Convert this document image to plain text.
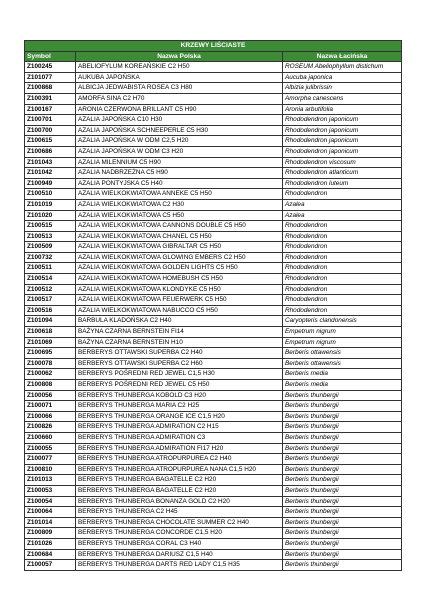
KRZEWY LIŚCIASTE		
Symbol	Nazwa Polska	Nazwa Łacińska
Z100245	ABELIOFYLUM KOREAŃSKIE C2 H50	ROSEUM Abeliophyllum distichum
Z101077	AUKUBA JAPOŃSKA	Aucuba japonica
Z100868	ALBICJA JEDWABISTA ROSEA C3 H80	Albizia julibrissin
Z100391	AMORFA SINA C2 H70	Amorpha canescens
Z100167	ARONIA CZERWONA BRILLANT C5 H90	Aronia arbutifolia
Z100701	AZALIA JAPOŃSKA C10 H30	Rhododendron japonicum
Z100700	AZALIA JAPOŃSKA SCHNEEPERLE C5 H30	Rhododendron japonicum
Z100615	AZALIA JAPOŃSKA W ODM C2,5 H20	Rhododendron japonicum
Z100686	AZALIA JAPOŃSKA W ODM C3 H20	Rhododendron japonicum
Z101043	AZALIA MILENNIUM C5 H90	Rhododendron viscosum
Z101042	AZALIA NADBRZEŻNA C5 H90	Rhododendron atlanticum
Z100949	AZALIA PONTYJSKA C5 H40	Rhododendron luteum
Z100510	AZALIA WIELKOKWIATOWA ANNEKE C5 H50	Rhododendron
Z101019	AZALIA WIELKOKWIATOWA C2 H30	Azalea
Z101020	AZALIA WIELKOKWIATOWA C5 H50	Azalea
Z100515	AZALIA WIELKOKWIATOWA CANNONS DOUBLE C5 H50	Rhododendron
Z100513	AZALIA WIELKOKWIATOWA CHANEL C5 H50	Rhododendron
Z100509	AZALIA WIELKOKWIATOWA GIBRALTAR C5 H50	Rhododendron
Z100732	AZALIA WIELKOKWIATOWA GLOWING EMBERS C2 H50	Rhododendron
Z100511	AZALIA WIELKOKWIATOWA GOLDEN LIGHTS C5 H50	Rhododendron
Z100514	AZALIA WIELKOKWIATOWA HOMEBUSH C5 H50	Rhododendron
Z100512	AZALIA WIELKOKWIATOWA KLONDYKE C5 H50	Rhododendron
Z100517	AZALIA WIELKOKWIATOWA FEUERWERK C5 H50	Rhododendron
Z100516	AZALIA WIELKOKWIATOWA NABUCCO C5 H50	Rhododendron
Z101094	BARBULA KLADOŃSKA C2 H40	Caryopteris clandonensis
Z100618	BAŻYNA CZARNA BERNSTEIN FI14	Empetrum nigrum
Z101069	BAŻYNA CZARNA BERNSTEIN H10	Empetrum nigrum
Z100695	BERBERYS OTTAWSKI SUPERBA C2 H40	Berberis ottawensis
Z100078	BERBERYS OTTAWSKI SUPERBA C2 H60	Berberis ottawensis
Z100062	BERBERYS POŚREDNI RED JEWEL C1,5 H30	Berberis media
Z100808	BERBERYS POŚREDNI RED JEWEL C5 H50	Berberis media
Z100056	BERBERYS THUNBERGA KOBOLD C3 H20	Berberis thunbergii
Z100071	BERBERYS THUNBERGA MARIA C2 H25	Berberis thunbergii
Z100066	BERBERYS THUNBERGA ORANGE ICE C1,5 H20	Berberis thunbergii
Z100826	BERBERYS THUNBERGA ADMIRATION C2 H15	Berberis thunbergii
Z100660	BERBERYS THUNBERGA ADMIRATION C3	Berberis thunbergii
Z100055	BERBERYS THUNBERGA ADMIRATION FI17 H20	Berberis thunbergii
Z100077	BERBERYS THUNBERGA ATROPURPUREA C2 H40	Berberis thunbergii
Z100810	BERBERYS THUNBERGA ATROPURPUREA NANA C1,5 H20	Berberis thunbergii
Z101013	BERBERYS THUNBERGA BAGATELLE C2 H20	Berberis thunbergii
Z100053	BERBERYS THUNBERGA BAGATELLE C2 H20	Berberis thunbergii
Z100054	BERBERYS THUNBERGA BONANZA GOLD C2 H20	Berberis thunbergii
Z100064	BERBERYS THUNBERGA C2 H45	Berberis thunbergii
Z101014	BERBERYS THUNBERGA CHOCOLATE SUMMER C2 H40	Berberis thunbergii
Z100809	BERBERYS THUNBERGA CONCORDE C1,5 H20	Berberis thunbergii
Z101026	BERBERYS THUNBERGA CORAL C3 H40	Berberis thunbergii
Z100684	BERBERYS THUNBERGA DARIUSZ C1,5 H40	Berberis thunbergii
Z100057	BERBERYS THUNBERGA DARTS RED LADY C1,5 H35	Berberis thunbergii
